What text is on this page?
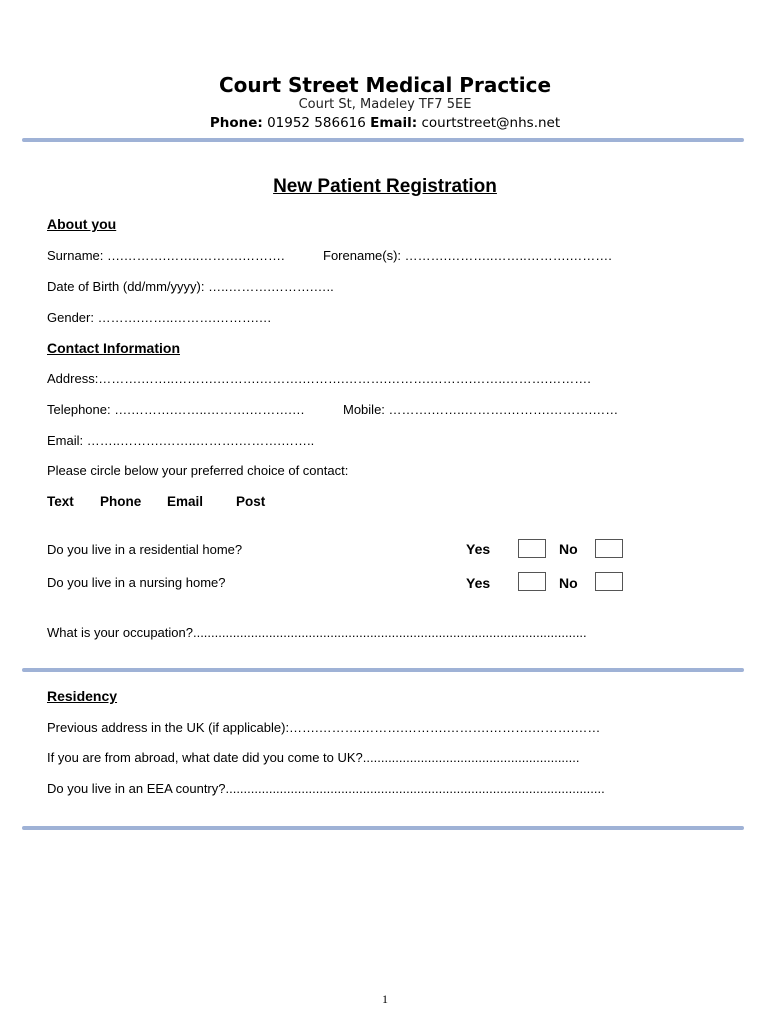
Court Street Medical Practice
Court St, Madeley TF7 5EE
Phone: 01952 586616 Email: courtstreet@nhs.net
New Patient Registration
About you
Surname: ….……….……..……….……….	Forename(s): ……….………..……..……….……….
Date of Birth (dd/mm/yyyy): …..……….……….…..
Gender: ……….……..……….……….…
Contact Information
Address:……….……..……….……….……….……….……….……….……….……..……….……….
Telephone: ….……….……..……….……….…	Mobile: ……….……..……….……….……….……
Email: ……..……….……..……….……….……..
Please circle below your preferred choice of contact:
Text Phone Email Post
Do you live in a residential home?	Yes	No
Do you live in a nursing home?	Yes	No
What is your occupation?.............................................................................................................
Residency
Previous address in the UK (if applicable):…….……….……….……….……….……….……….……
If you are from abroad, what date did you come to UK?............................................................
Do you live in an EEA country?.........................................................................................................
1
